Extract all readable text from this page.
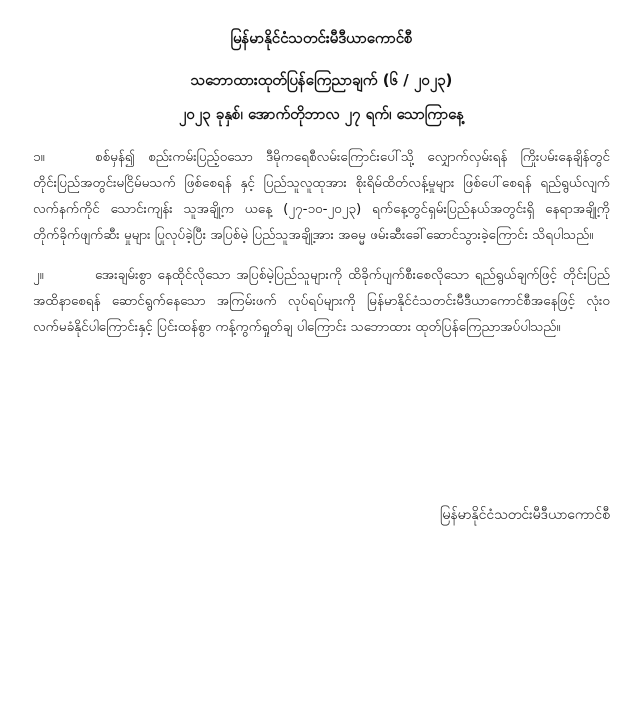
မြန်မာနိုင်ငံသတင်းမီဒီယာကောင်စီ

သဘောထားထုတ်ပြန်ကြေညာချက် (၆ / ၂၀၂၃)

၂၀၂၃ ခုနှစ်၊ အောက်တိုဘာလ ၂၇ ရက်၊ သောကြာနေ့

၁။	စစ်မှန်၍ စည်းကမ်းပြည့်ဝသော ဒီမိုကရေစီလမ်းကြောင်းပေါ်သို့ လျှောက်လှမ်းရန် ကြိုးပမ်းနေချိန်တွင် တိုင်းပြည်အတွင်းမငြိမ်မသက် ဖြစ်စေရန် နှင့် ပြည်သူလူထုအား စိုးရိမ်ထိတ်လန့်မှုများ ဖြစ်ပေါ်စေရန် ရည်ရွယ်လျက် လက်နက်ကိုင် သောင်းကျန်း သူအချို့က ယနေ့ (၂၇-၁၀-၂၀၂၃) ရက်နေ့တွင်ရှမ်းပြည်နယ်အတွင်းရှိ နေရာအချို့ကို တိုက်ခိုက်ဖျက်ဆီး မှုများ ပြုလုပ်ခဲ့ပြီး အပြစ်မဲ့ ပြည်သူအချို့အား အဓမ္မ ဖမ်းဆီးခေါ်ဆောင်သွားခဲ့ကြောင်း သိရပါသည်။

၂။	အေးချမ်းစွာ နေထိုင်လိုသော အပြစ်မဲ့ပြည်သူများကို ထိခိုက်ပျက်စီးစေလိုသော ရည်ရွယ်ချက်ဖြင့် တိုင်းပြည်အထိနာစေရန် ဆောင်ရွက်နေသော အကြမ်းဖက် လုပ်ရပ်များကို မြန်မာနိုင်ငံသတင်းမီဒီယာကောင်စီအနေဖြင့် လုံးဝ လက်မခံနိုင်ပါကြောင်းနှင့် ပြင်းထန်စွာ ကန့်ကွက်ရှုတ်ချ ပါကြောင်း သဘောထား ထုတ်ပြန်ကြေညာအပ်ပါသည်။

မြန်မာနိုင်ငံသတင်းမီဒီယာကောင်စီ
